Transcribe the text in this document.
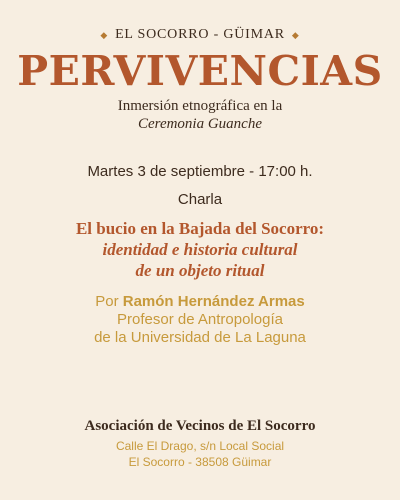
◆ EL SOCORRO - GÜIMAR ◆
PERVIVENCIAS
Inmersión etnográfica en la
Ceremonia Guanche
Martes 3 de septiembre - 17:00 h.
Charla
El bucio en la Bajada del Socorro:
identidad e historia cultural
de un objeto ritual
Por Ramón Hernández Armas
Profesor de Antropología
de la Universidad de La Laguna
Asociación de Vecinos de El Socorro
Calle El Drago, s/n Local Social
El Socorro - 38508 Güimar
